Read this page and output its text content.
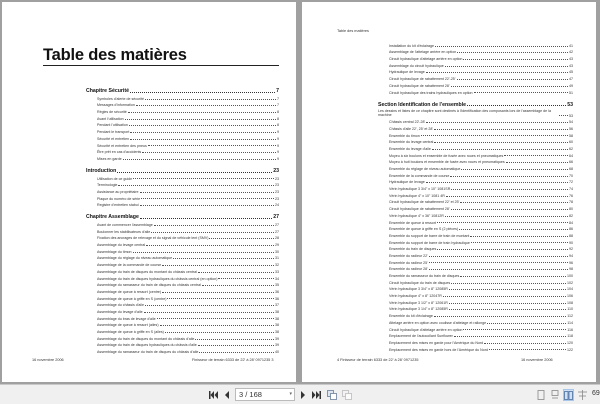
Table des matières
Chapitre Sécurité	7
Symboles d'alerte de sécurité	7
Messages d'information	7
Règles de sécurité	8
Avant l'utilisation	8
Pendant l'utilisation	8
Pendant le transport	9
Sécurité et entretien	9
Sécurité et entretien des pneus	9
Être prêt en cas d'accidents	9
Mises en garde	9
Introduction	23
Utilisation de ce guide	23
Terminologie	23
Assistance au propriétaire	23
Plaque du numéro de série	23
Registre d'entretien stabui	24
Chapitre Assemblage	27
Avant de commencer l'assemblage	27
Boulonner les stabilisateurs d'aile	27
Fixation des ancrages de relevage et du signal de véhicule lent (SMV)	28
Assemblage du levage central	29
Assemblage du timon	30
Assemblage du réglage du niveau automatique	31
Assemblage de la commande de course	32
Assemblage du train de disques du montant du châssis central	33
Assemblage du train de disques hydrauliques du châssis central (en option)	34
Assemblage du ramasseur du train de disques du châssis central	35
Assemblage de queue à ressort (centre)	36
Assemblage de queue à griffe en S (centre)	36
Assemblage du châssis d'aile	37
Assemblage du levage d'aile	38
Assemblage du bras de levage d'aile	38
Assemblage de queue à ressort (ailes)	38
Assemblage de queue à griffe en S (ailes)	38
Assemblage du train de disques du montant du châssis d'aile	39
Assemblage du train de disques hydrauliques du châssis d'aile	39
Assemblage du ramasseur du train de disques du châssis d'aile	40
16 novembre 2006	Finisseur de terrain 6333 de 22' à 28' 0971235 3
Table des matières
Installation du kit d'éclairage	41
Assemblage de l'attelage arrière en option	42
Circuit hydraulique d'attelage arrière en option	43
Assemblage du circuit hydraulique	43
Hydraulique de levage	45
Circuit hydraulique de rabattement 22'-25'	47
Circuit hydraulique de rabattement 28'	49
Circuit hydraulique des trains hydrauliques en option	51
Section Identification de l'ensemble	53
Les dessins et listes de ce chapitre sont destinés à l'identification des composants lors de l'assemblage de la machine	53
Châssis central 22'-28'	54
Châssis d'aile 22', 25' et 28'	56
Ensemble du timon	58
Ensemble du levage central	60
Ensemble du levage d'aile	62
Moyeu à six boulons et ensemble de fusée avec roues et pneumatiques	64
Moyeu à huit boulons et ensemble de fusée avec roues et pneumatiques	66
Ensemble du réglage de niveau automatique	68
Ensemble de la commande de course	70
Hydraulique de levage	72
Vérin hydraulique 3 3/4" x 10" 1081SR	74
Vérin hydraulique 4" x 10" 1081 4R	76
Circuit hydraulique de rabattement 22' et 25'	78
Circuit hydraulique de rabattement 28'	80
Vérin hydraulique 4" x 36" 10812R	82
Ensemble de queue à ressort	84
Ensemble de queue à griffe en S (2 pièces)	86
Ensemble du support de barre de train de montant	88
Ensemble du support de barre de train hydraulique	90
Ensemble du train de disques	92
Ensemble du radieur 22'	94
Ensemble du radieur 25'	96
Ensemble du radieur 28'	98
Ensemble du ramasseur du train de disques	100
Circuit hydraulique du train de disques	102
Vérin hydraulique 3 3/4" x 8" 12085R	104
Vérin hydraulique 4" x 8" 12047R	106
Vérin hydraulique 3 1/2" x 8" 12061R	108
Vérin hydraulique 3 1/4" x 8" 12085R	110
Ensemble du kit d'éclairage	112
Attelage arrière en option avec coulisse d'attelage et rallonge	114
Circuit hydraulique d'attelage arrière en option	116
Emplacement de l'autocollant Sunflower	118
Emplacement des mises en garde pour l'Amérique du Nord	120
Emplacement des mises en garde hors de l'Amérique du Nord	122
4 Finisseur de terrain 6333 de 22' à 28' 0971235	16 novembre 2006
3 / 168	▾	69
